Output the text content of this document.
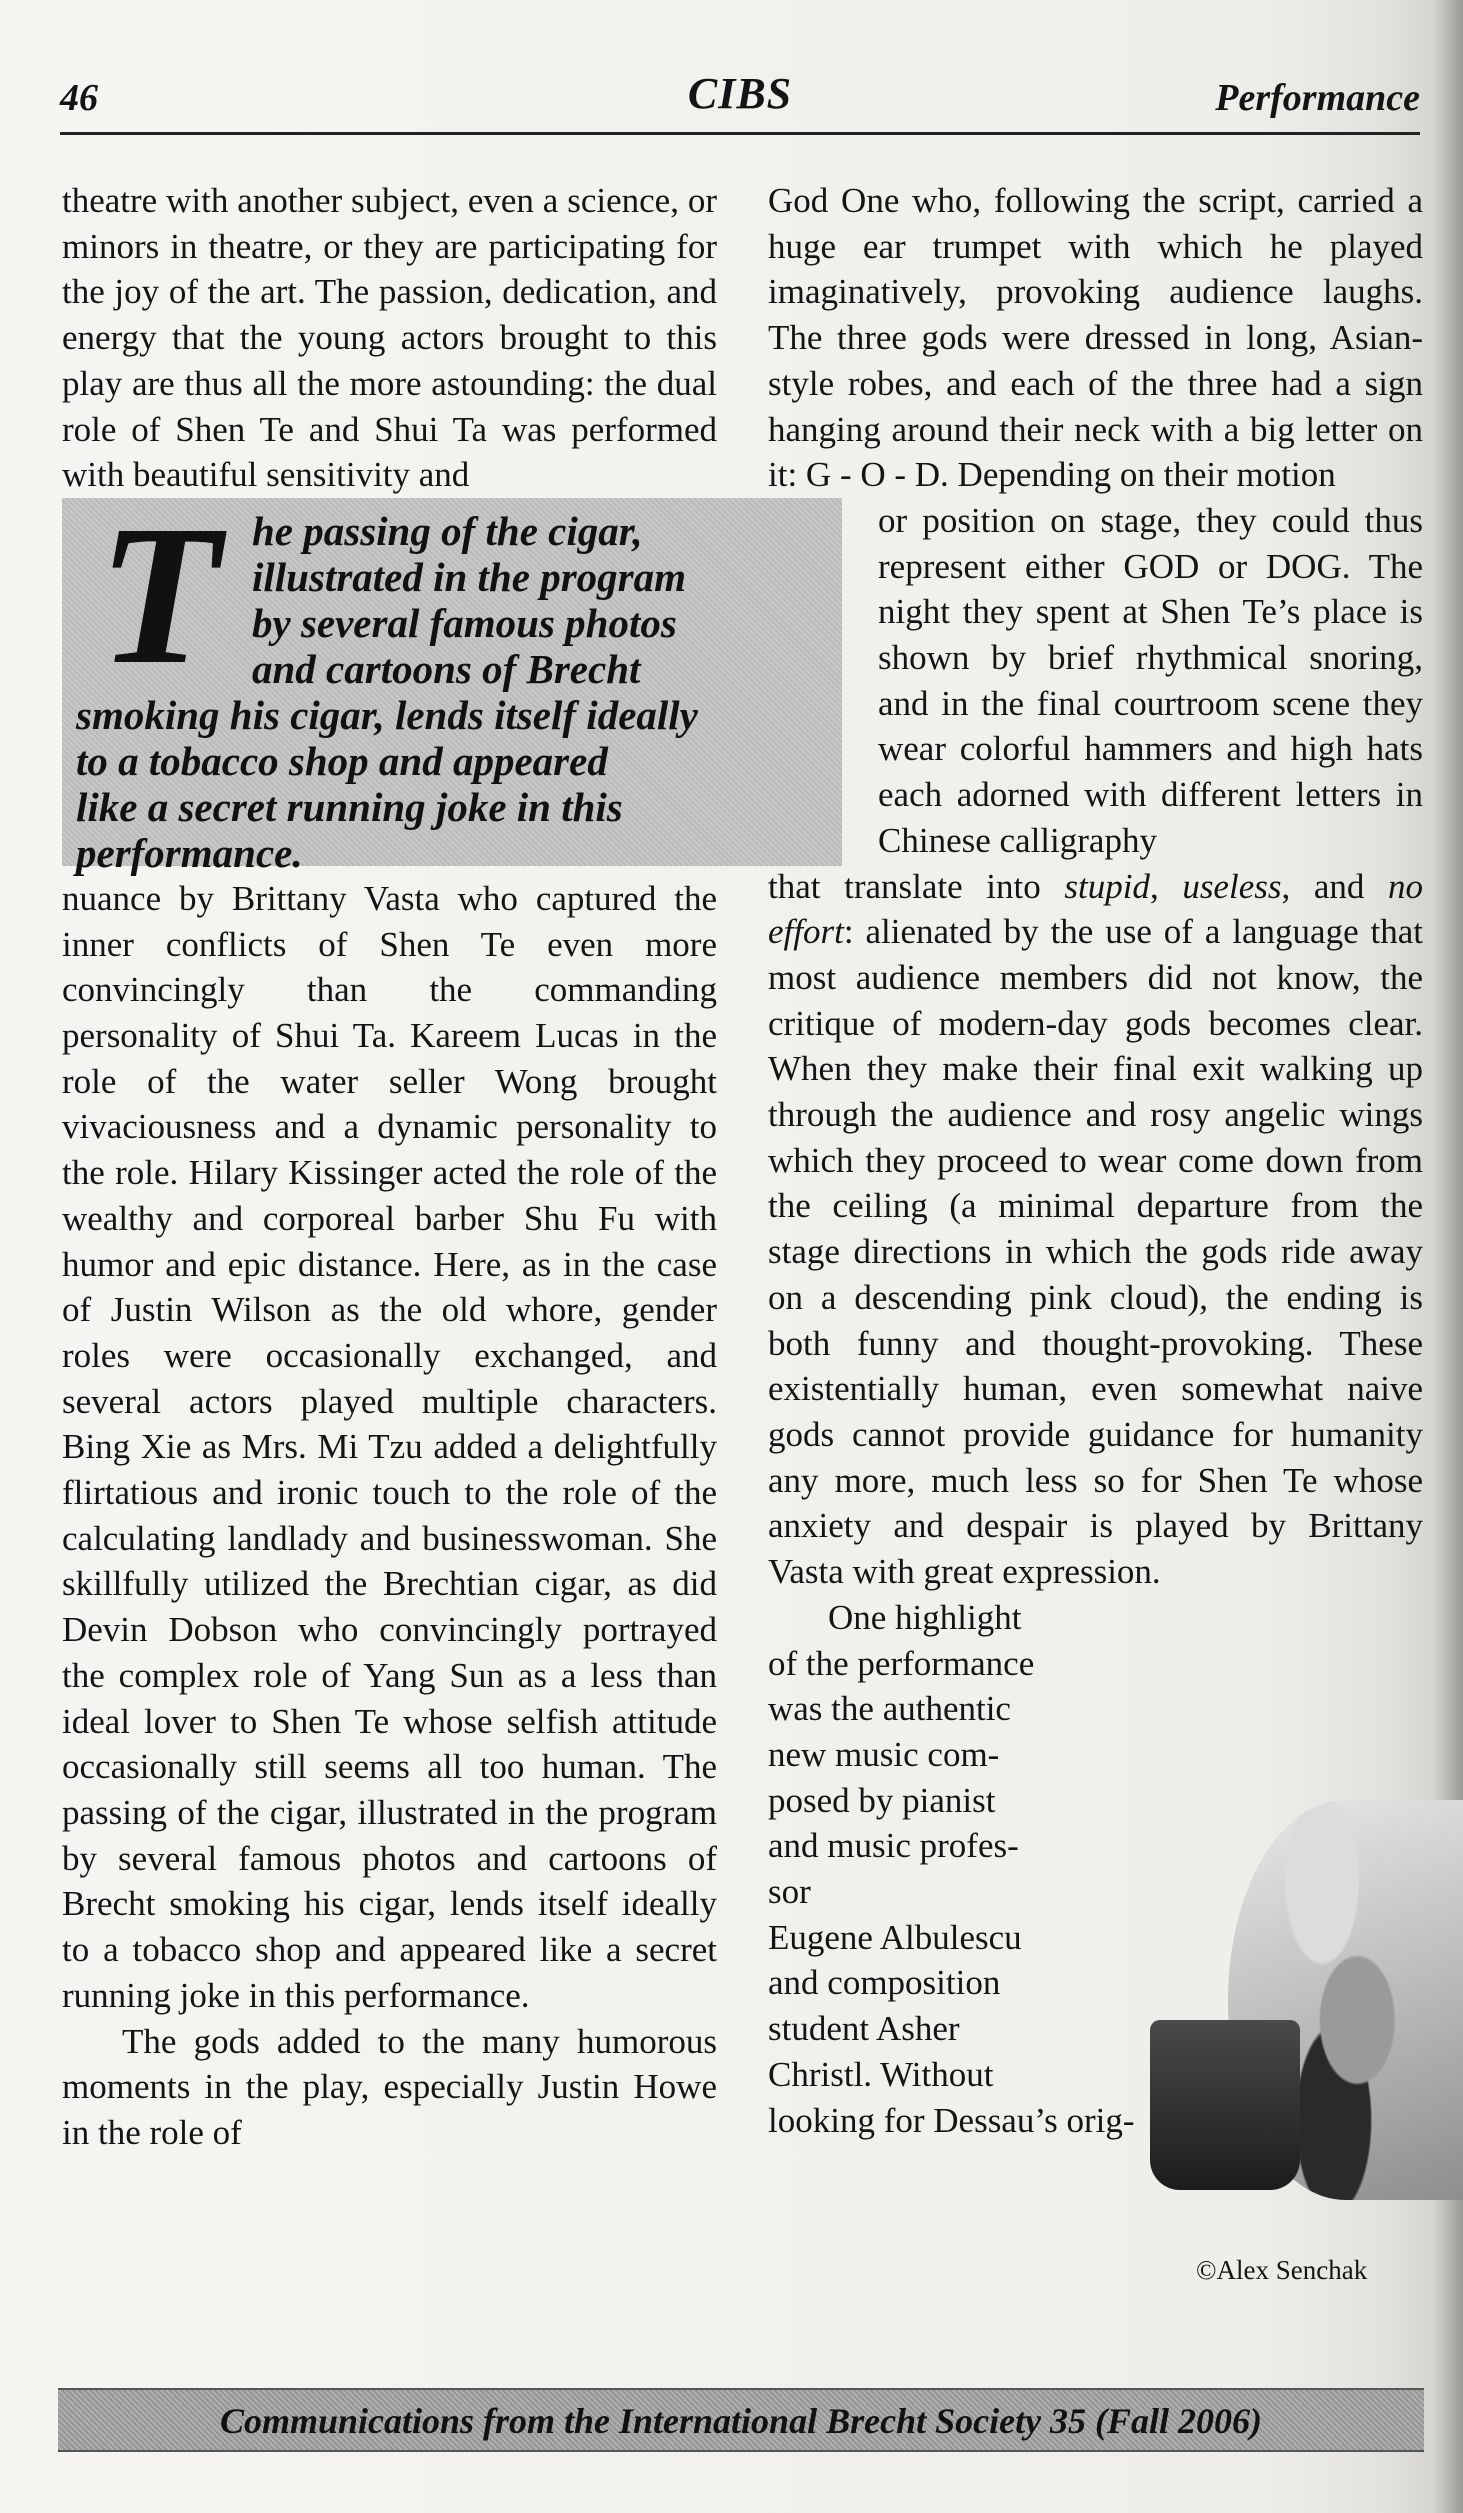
46	CIBS	Performance

theatre with another subject, even a science, or minors in theatre, or they are participating for the joy of the art. The passion, dedication, and energy that the young actors brought to this play are thus all the more astounding: the dual role of Shen Te and Shui Ta was performed with beautiful sensitivity and

T he passing of the cigar,
illustrated in the program
by several famous photos
and cartoons of Brecht
smoking his cigar, lends itself ideally
to a tobacco shop and appeared
like a secret running joke in this
performance.

nuance by Brittany Vasta who captured the inner conflicts of Shen Te even more convincingly than the commanding personality of Shui Ta. Kareem Lucas in the role of the water seller Wong brought vivaciousness and a dynamic personality to the role. Hilary Kissinger acted the role of the wealthy and corporeal barber Shu Fu with humor and epic distance. Here, as in the case of Justin Wilson as the old whore, gender roles were occasionally exchanged, and several actors played multiple characters. Bing Xie as Mrs. Mi Tzu added a delightfully flirtatious and ironic touch to the role of the calculating landlady and businesswoman. She skillfully utilized the Brechtian cigar, as did Devin Dobson who convincingly portrayed the complex role of Yang Sun as a less than ideal lover to Shen Te whose selfish attitude occasionally still seems all too human. The passing of the cigar, illustrated in the program by several famous photos and cartoons of Brecht smoking his cigar, lends itself ideally to a tobacco shop and appeared like a secret running joke in this performance.

The gods added to the many humorous moments in the play, especially Justin Howe in the role of

God One who, following the script, carried a huge ear trumpet with which he played imaginatively, provoking audience laughs. The three gods were dressed in long, Asian-style robes, and each of the three had a sign hanging around their neck with a big letter on it: G - O - D. Depending on their motion

or position on stage, they could thus represent either GOD or DOG. The night they spent at Shen Te’s place is shown by brief rhythmical snoring, and in the final courtroom scene they wear colorful hammers and high hats each adorned with different letters in Chinese calligraphy

that translate into stupid, useless, and no effort: alienated by the use of a language that most audience members did not know, the critique of modern-day gods becomes clear. When they make their final exit walking up through the audience and rosy angelic wings which they proceed to wear come down from the ceiling (a minimal departure from the stage directions in which the gods ride away on a descending pink cloud), the ending is both funny and thought-provoking. These existentially human, even somewhat naive gods cannot provide guidance for humanity any more, much less so for Shen Te whose anxiety and despair is played by Brittany Vasta with great expression.

One highlight
of the performance
was the authentic
new music com-
posed by pianist
and music profes-
sor
Eugene Albulescu
and composition
student Asher
Christl. Without

looking for Dessau’s orig-

©Alex Senchak
Communications from the International Brecht Society 35 (Fall 2006)
